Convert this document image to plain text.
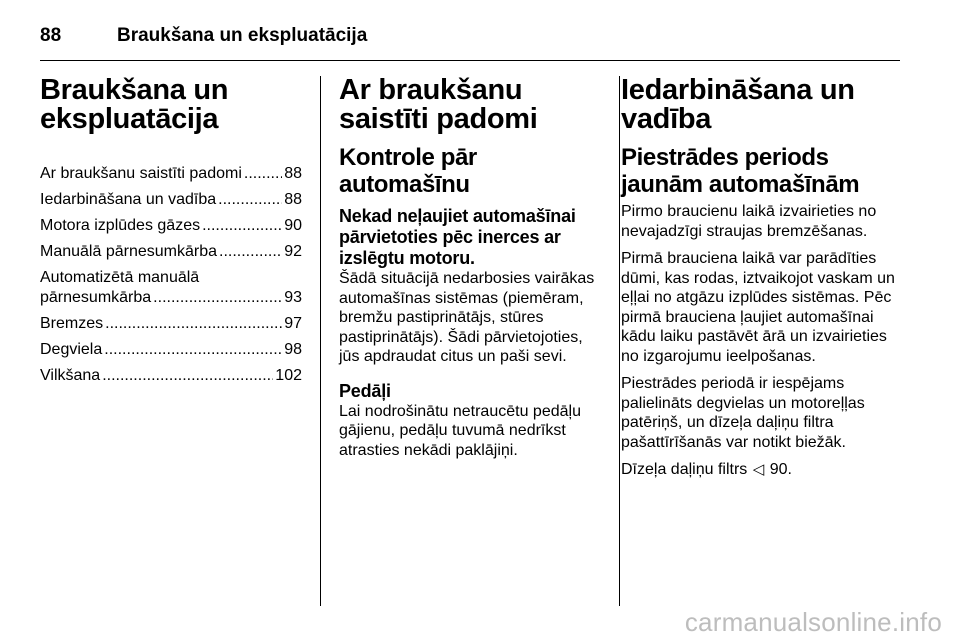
88	Braukšana un ekspluatācija
Braukšana un ekspluatācija
Ar braukšanu saistīti padomi .....	88
Iedarbināšana un vadība .....	88
Motora izplūdes gāzes .....	90
Manuālā pārnesumkārba .....	92
Automatizētā manuālā
pārnesumkārba .....	93
Bremzes .....	97
Degviela .....	98
Vilkšana .....	102
Ar braukšanu saistīti padomi
Kontrole pār automašīnu
Nekad neļaujiet automašīnai pārvietoties pēc inerces ar izslēgtu motoru.

Šādā situācijā nedarbosies vairākas automašīnas sistēmas (piemēram, bremžu pastiprinātājs, stūres pastiprinātājs). Šādi pārvietojoties, jūs apdraudat citus un paši sevi.

Pedāļi

Lai nodrošinātu netraucētu pedāļu gājienu, pedāļu tuvumā nedrīkst atrasties nekādi paklājiņi.

Iedarbināšana un vadība
Piestrādes periods jaunām automašīnām

Pirmo braucienu laikā izvairieties no nevajadzīgi straujas bremzēšanas.

Pirmā brauciena laikā var parādīties dūmi, kas rodas, iztvaikojot vaskam un eļļai no atgāzu izplūdes sistēmas. Pēc pirmā brauciena ļaujiet automašīnai kādu laiku pastāvēt ārā un izvairieties no izgarojumu ieelpošanas.

Piestrādes periodā ir iespējams palielināts degvielas un motoreļļas patēriņš, un dīzeļa daļiņu filtra pašattīrīšanās var notikt biežāk.

Dīzeļa daļiņu filtrs ◁ 90.

carmanualsonline.info
